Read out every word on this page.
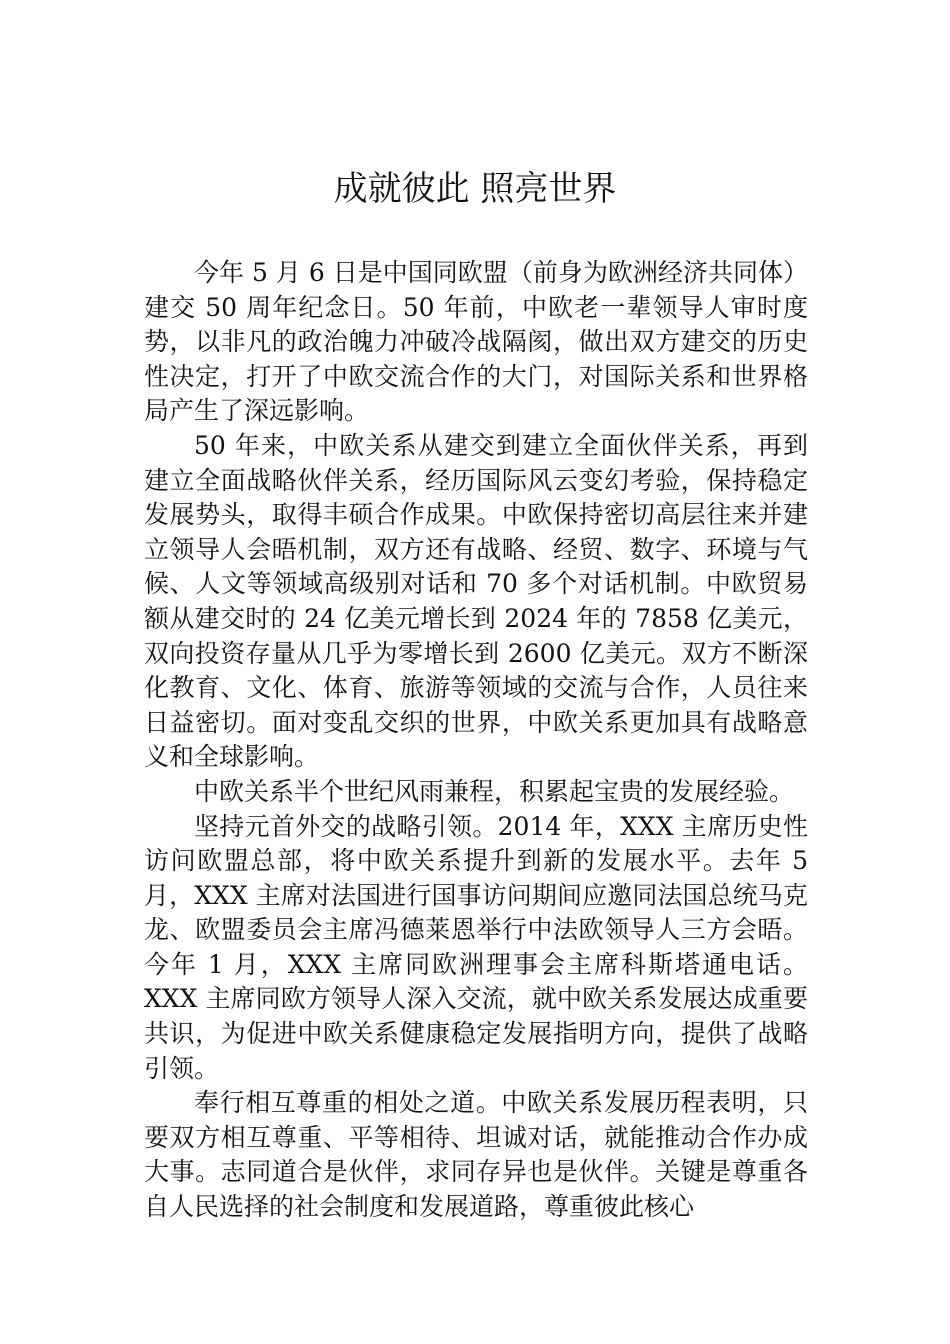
成就彼此 照亮世界

今年 5 月 6 日是中国同欧盟（前身为欧洲经济共同体）建交 50 周年纪念日。50 年前，中欧老一辈领导人审时度势，以非凡的政治魄力冲破冷战隔阂，做出双方建交的历史性决定，打开了中欧交流合作的大门，对国际关系和世界格局产生了深远影响。

50 年来，中欧关系从建交到建立全面伙伴关系，再到建立全面战略伙伴关系，经历国际风云变幻考验，保持稳定发展势头，取得丰硕合作成果。中欧保持密切高层往来并建立领导人会晤机制，双方还有战略、经贸、数字、环境与气候、人文等领域高级别对话和 70 多个对话机制。中欧贸易额从建交时的 24 亿美元增长到 2024 年的 7858 亿美元，双向投资存量从几乎为零增长到 2600 亿美元。双方不断深化教育、文化、体育、旅游等领域的交流与合作，人员往来日益密切。面对变乱交织的世界，中欧关系更加具有战略意义和全球影响。

中欧关系半个世纪风雨兼程，积累起宝贵的发展经验。

坚持元首外交的战略引领。2014 年，XXX 主席历史性访问欧盟总部，将中欧关系提升到新的发展水平。去年 5 月，XXX 主席对法国进行国事访问期间应邀同法国总统马克龙、欧盟委员会主席冯德莱恩举行中法欧领导人三方会晤。今年 1 月，XXX 主席同欧洲理事会主席科斯塔通电话。XXX 主席同欧方领导人深入交流，就中欧关系发展达成重要共识，为促进中欧关系健康稳定发展指明方向，提供了战略引领。

奉行相互尊重的相处之道。中欧关系发展历程表明，只要双方相互尊重、平等相待、坦诚对话，就能推动合作办成大事。志同道合是伙伴，求同存异也是伙伴。关键是尊重各自人民选择的社会制度和发展道路，尊重彼此核心
